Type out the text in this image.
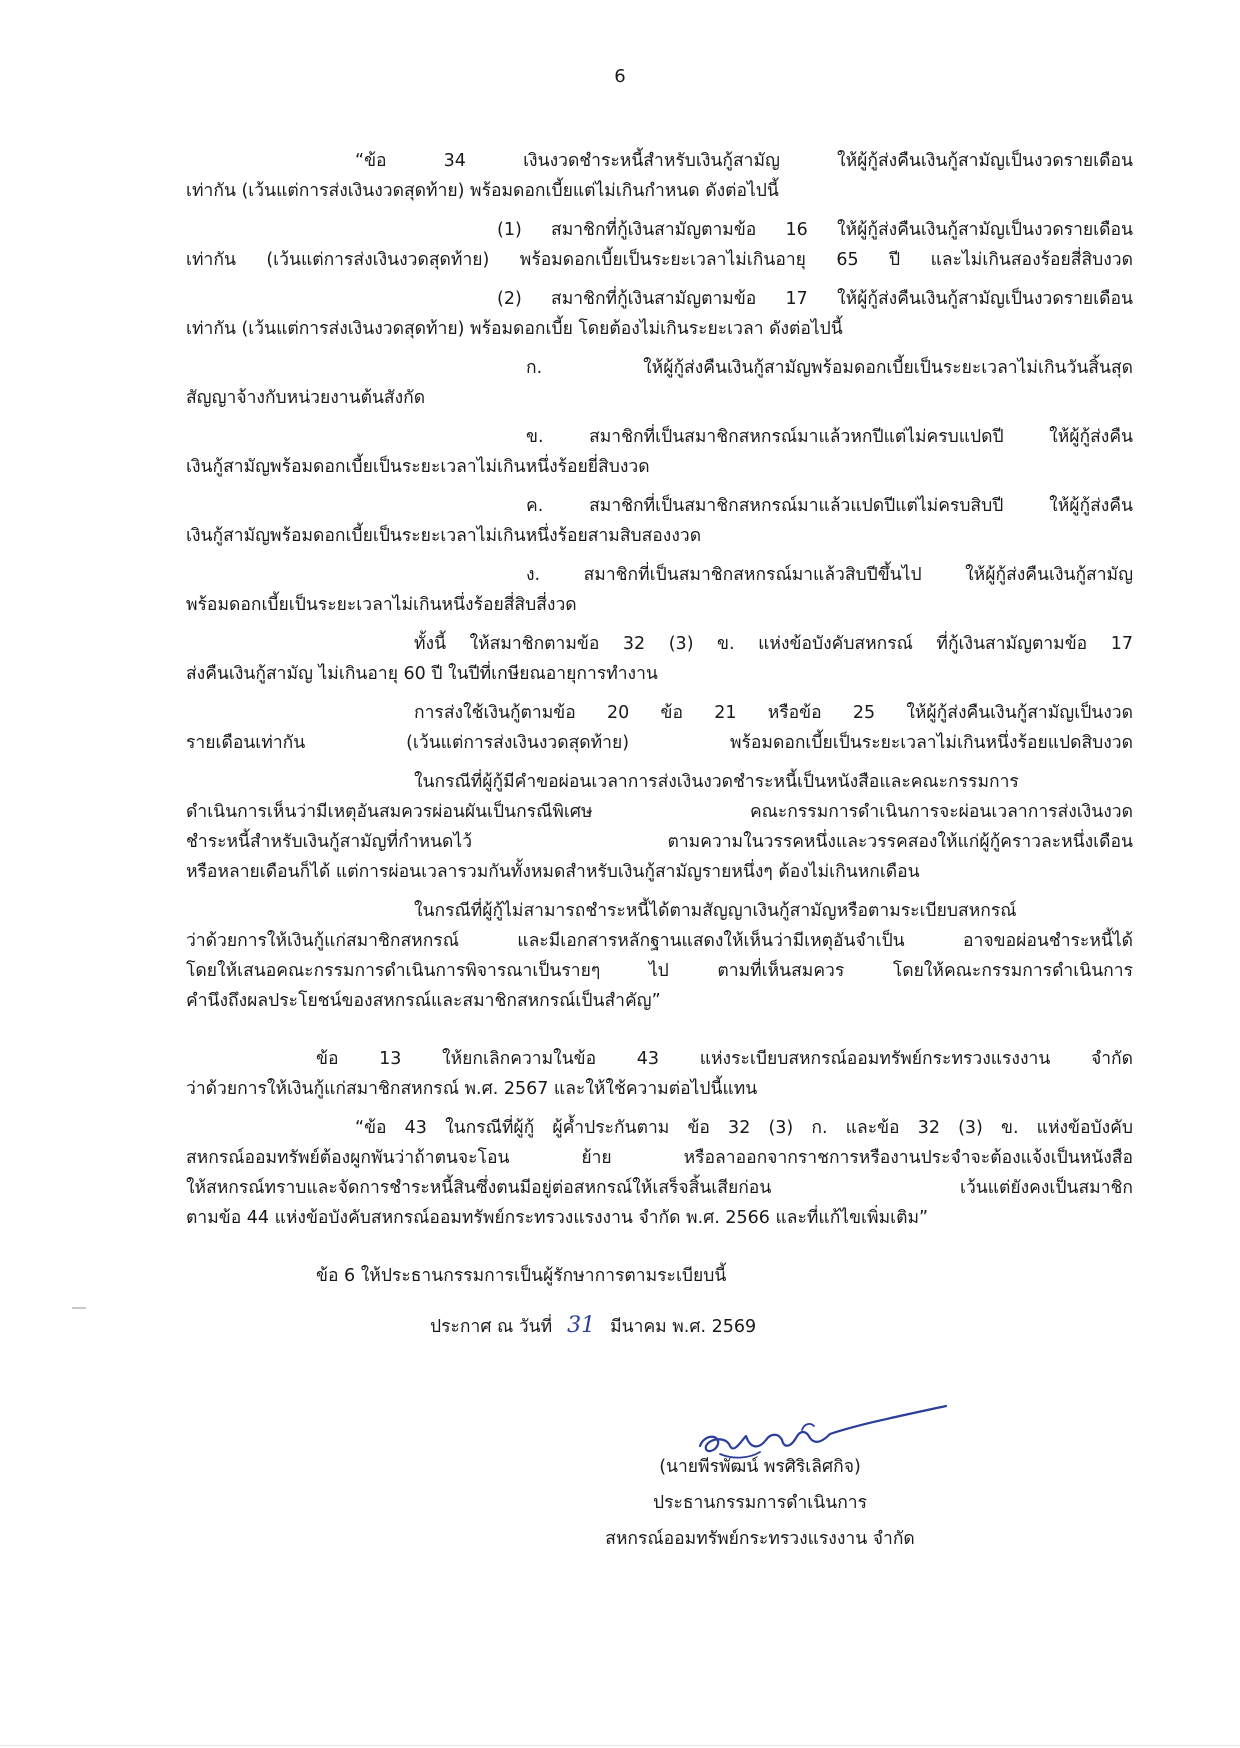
6
“ข้อ 34 เงินงวดชำระหนี้สำหรับเงินกู้สามัญ ให้ผู้กู้ส่งคืนเงินกู้สามัญเป็นงวดรายเดือน
เท่ากัน (เว้นแต่การส่งเงินงวดสุดท้าย) พร้อมดอกเบี้ยแต่ไม่เกินกำหนด ดังต่อไปนี้
(1) สมาชิกที่กู้เงินสามัญตามข้อ 16 ให้ผู้กู้ส่งคืนเงินกู้สามัญเป็นงวดรายเดือน
เท่ากัน (เว้นแต่การส่งเงินงวดสุดท้าย) พร้อมดอกเบี้ยเป็นระยะเวลาไม่เกินอายุ 65 ปี และไม่เกินสองร้อยสี่สิบงวด
(2) สมาชิกที่กู้เงินสามัญตามข้อ 17 ให้ผู้กู้ส่งคืนเงินกู้สามัญเป็นงวดรายเดือน
เท่ากัน (เว้นแต่การส่งเงินงวดสุดท้าย) พร้อมดอกเบี้ย โดยต้องไม่เกินระยะเวลา ดังต่อไปนี้
ก. ให้ผู้กู้ส่งคืนเงินกู้สามัญพร้อมดอกเบี้ยเป็นระยะเวลาไม่เกินวันสิ้นสุด
สัญญาจ้างกับหน่วยงานต้นสังกัด
ข. สมาชิกที่เป็นสมาชิกสหกรณ์มาแล้วหกปีแต่ไม่ครบแปดปี ให้ผู้กู้ส่งคืน
เงินกู้สามัญพร้อมดอกเบี้ยเป็นระยะเวลาไม่เกินหนึ่งร้อยยี่สิบงวด
ค. สมาชิกที่เป็นสมาชิกสหกรณ์มาแล้วแปดปีแต่ไม่ครบสิบปี ให้ผู้กู้ส่งคืน
เงินกู้สามัญพร้อมดอกเบี้ยเป็นระยะเวลาไม่เกินหนึ่งร้อยสามสิบสองงวด
ง. สมาชิกที่เป็นสมาชิกสหกรณ์มาแล้วสิบปีขึ้นไป ให้ผู้กู้ส่งคืนเงินกู้สามัญ
พร้อมดอกเบี้ยเป็นระยะเวลาไม่เกินหนึ่งร้อยสี่สิบสี่งวด
ทั้งนี้ ให้สมาชิกตามข้อ 32 (3) ข. แห่งข้อบังคับสหกรณ์ ที่กู้เงินสามัญตามข้อ 17
ส่งคืนเงินกู้สามัญ ไม่เกินอายุ 60 ปี ในปีที่เกษียณอายุการทำงาน
การส่งใช้เงินกู้ตามข้อ 20 ข้อ 21 หรือข้อ 25 ให้ผู้กู้ส่งคืนเงินกู้สามัญเป็นงวด
รายเดือนเท่ากัน (เว้นแต่การส่งเงินงวดสุดท้าย) พร้อมดอกเบี้ยเป็นระยะเวลาไม่เกินหนึ่งร้อยแปดสิบงวด
ในกรณีที่ผู้กู้มีคำขอผ่อนเวลาการส่งเงินงวดชำระหนี้เป็นหนังสือและคณะกรรมการ
ดำเนินการเห็นว่ามีเหตุอันสมควรผ่อนผันเป็นกรณีพิเศษ คณะกรรมการดำเนินการจะผ่อนเวลาการส่งเงินงวด
ชำระหนี้สำหรับเงินกู้สามัญที่กำหนดไว้ ตามความในวรรคหนึ่งและวรรคสองให้แก่ผู้กู้คราวละหนึ่งเดือน
หรือหลายเดือนก็ได้ แต่การผ่อนเวลารวมกันทั้งหมดสำหรับเงินกู้สามัญรายหนึ่งๆ ต้องไม่เกินหกเดือน
ในกรณีที่ผู้กู้ไม่สามารถชำระหนี้ได้ตามสัญญาเงินกู้สามัญหรือตามระเบียบสหกรณ์
ว่าด้วยการให้เงินกู้แก่สมาชิกสหกรณ์ และมีเอกสารหลักฐานแสดงให้เห็นว่ามีเหตุอันจำเป็น อาจขอผ่อนชำระหนี้ได้
โดยให้เสนอคณะกรรมการดำเนินการพิจารณาเป็นรายๆ ไป ตามที่เห็นสมควร โดยให้คณะกรรมการดำเนินการ
คำนึงถึงผลประโยชน์ของสหกรณ์และสมาชิกสหกรณ์เป็นสำคัญ”
ข้อ 13 ให้ยกเลิกความในข้อ 43 แห่งระเบียบสหกรณ์ออมทรัพย์กระทรวงแรงงาน จำกัด
ว่าด้วยการให้เงินกู้แก่สมาชิกสหกรณ์ พ.ศ. 2567 และให้ใช้ความต่อไปนี้แทน
“ข้อ 43 ในกรณีที่ผู้กู้ ผู้ค้ำประกันตาม ข้อ 32 (3) ก. และข้อ 32 (3) ข. แห่งข้อบังคับ
สหกรณ์ออมทรัพย์ต้องผูกพันว่าถ้าตนจะโอน ย้าย หรือลาออกจากราชการหรืองานประจำจะต้องแจ้งเป็นหนังสือ
ให้สหกรณ์ทราบและจัดการชำระหนี้สินซึ่งตนมีอยู่ต่อสหกรณ์ให้เสร็จสิ้นเสียก่อน เว้นแต่ยังคงเป็นสมาชิก
ตามข้อ 44 แห่งข้อบังคับสหกรณ์ออมทรัพย์กระทรวงแรงงาน จำกัด พ.ศ. 2566 และที่แก้ไขเพิ่มเติม”
ข้อ 6 ให้ประธานกรรมการเป็นผู้รักษาการตามระเบียบนี้
ประกาศ ณ วันที่ 31 มีนาคม พ.ศ. 2569
(นายพีรพัฒน์ พรศิริเลิศกิจ)
ประธานกรรมการดำเนินการ
สหกรณ์ออมทรัพย์กระทรวงแรงงาน จำกัด
